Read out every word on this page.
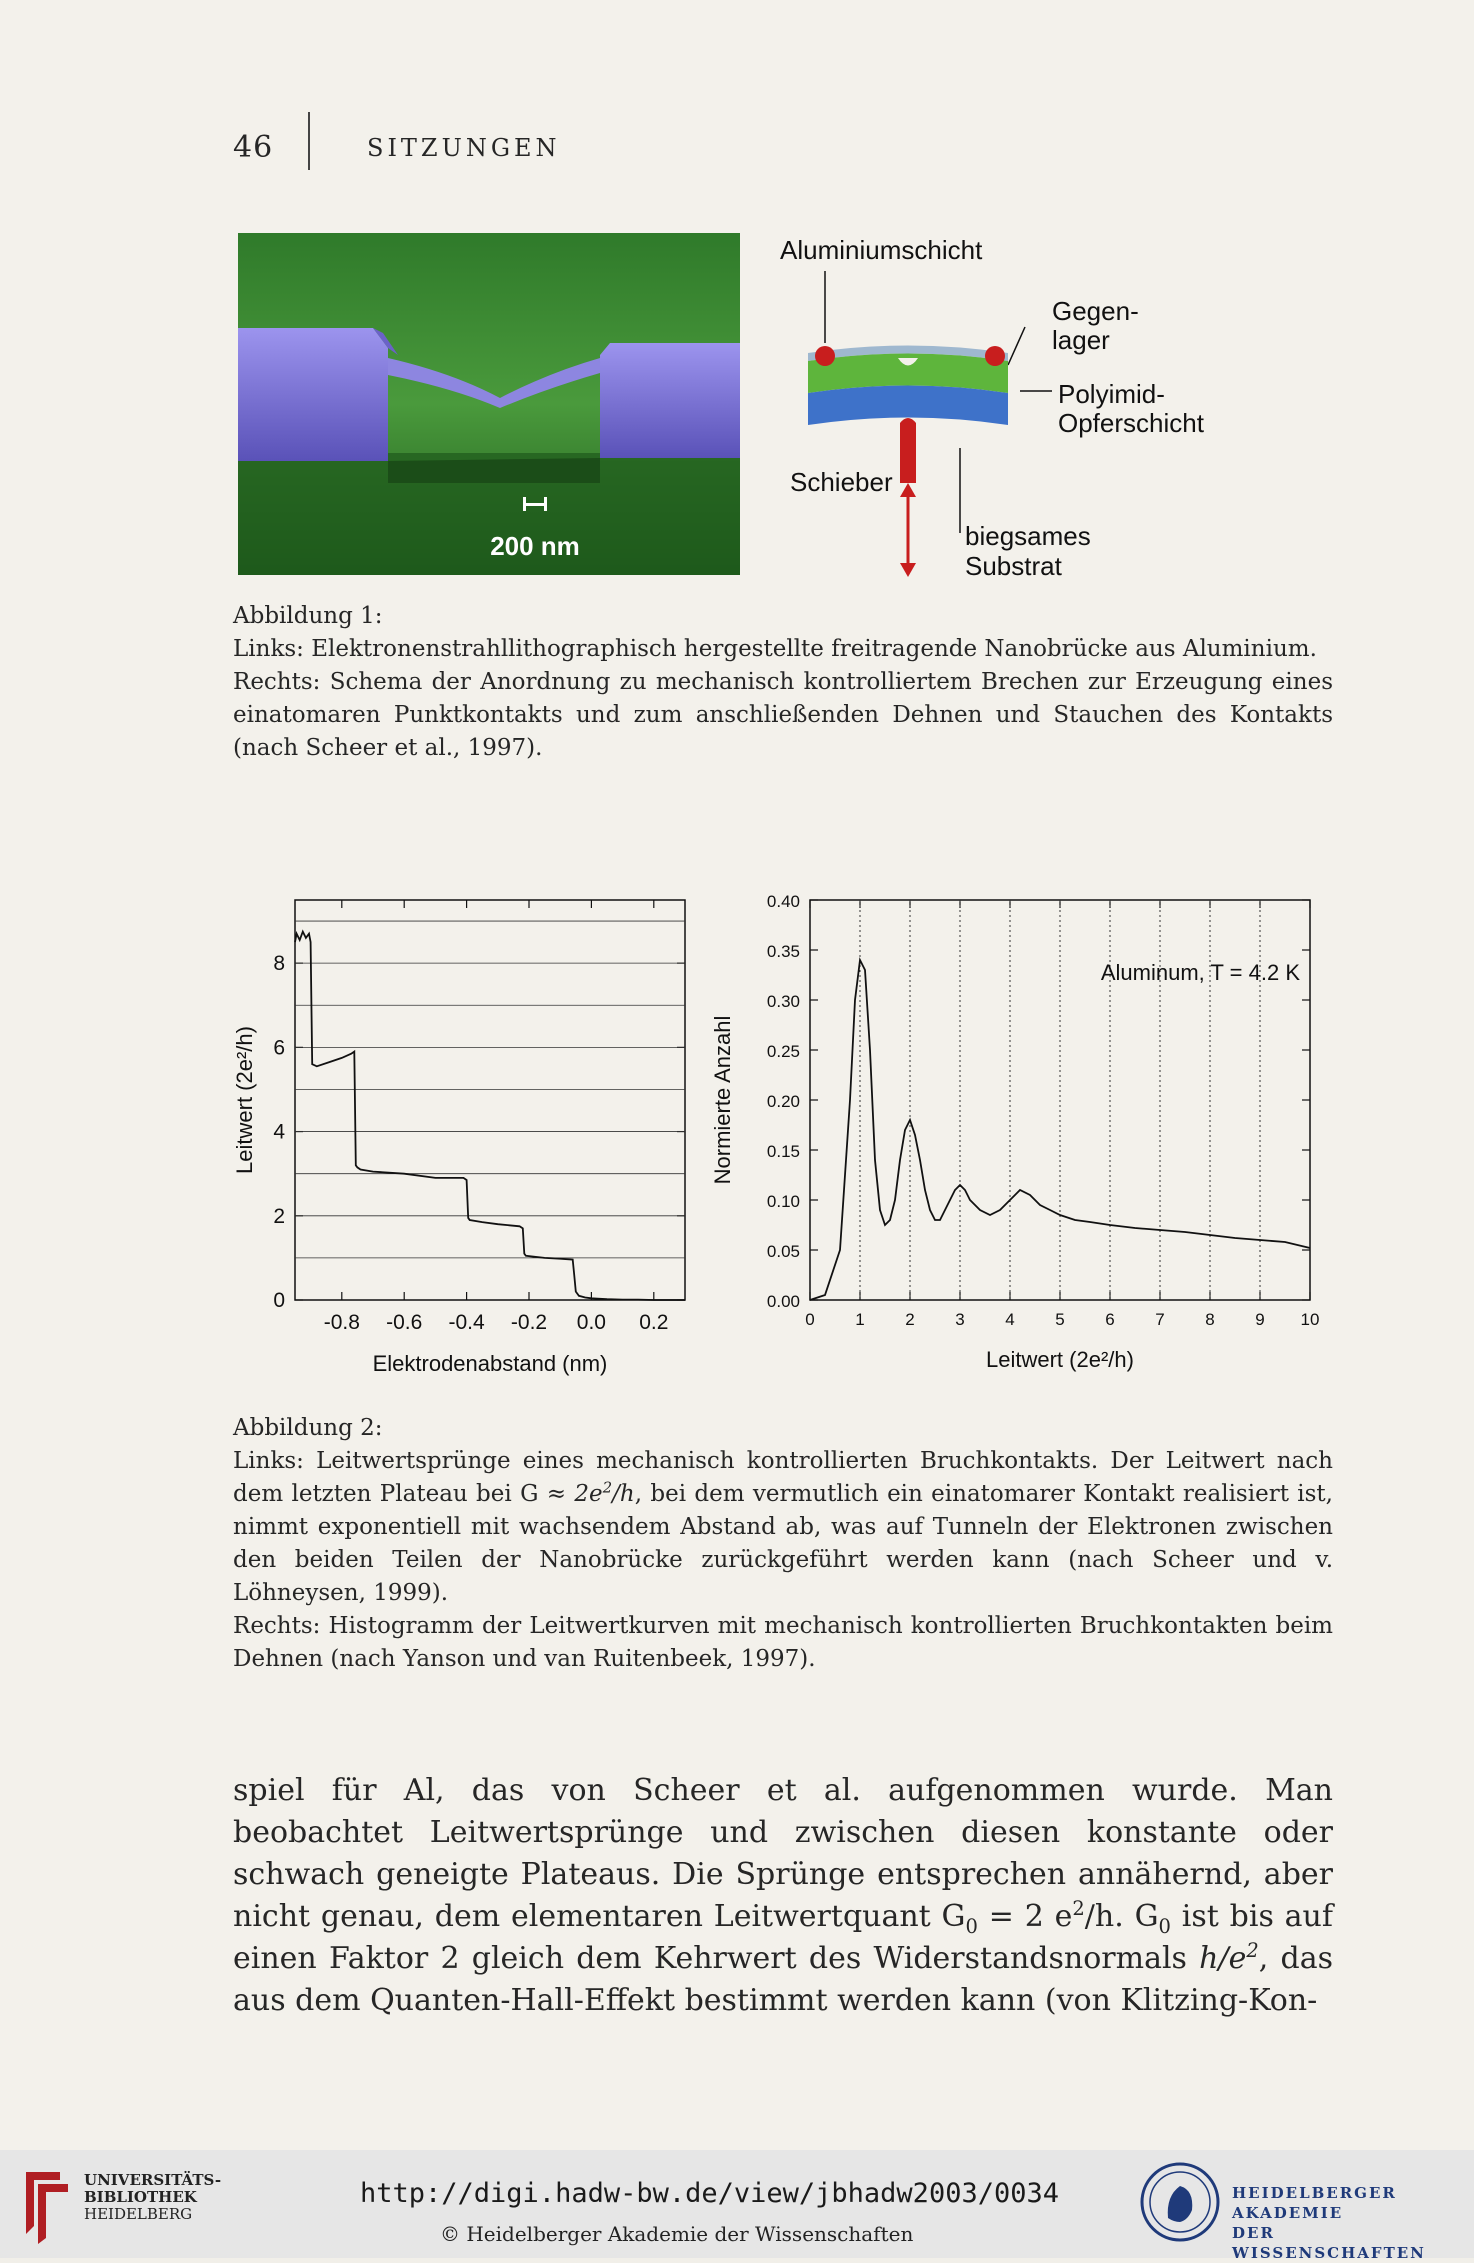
46	SITZUNGEN
200 nm
Aluminiumschicht
Gegen-
lager
Polyimid-
Opferschicht
Schieber
biegsames
Substrat

Abbildung 1:

Links: Elektronenstrahllithographisch hergestellte freitragende Nanobrücke aus Aluminium.

Rechts: Schema der Anordnung zu mechanisch kontrolliertem Brechen zur Erzeugung eines einatomaren Punktkontakts und zum anschließenden Dehnen und Stauchen des Kontakts (nach Scheer et al., 1997).

0
2
4
6
8
-0.8 -0.6 -0.4 -0.2 0.0 0.2
Elektrodenabstand (nm)
Leitwert (2e²/h)
0.00
0.05
0.10
0.15
0.20
0.25
0.30
0.35
0.40
0 1 2 3 4 5 6 7 8 9 10
Leitwert (2e²/h)
Normierte Anzahl
Aluminum, T = 4.2 K

Abbildung 2:

Links: Leitwertsprünge eines mechanisch kontrollierten Bruchkontakts. Der Leitwert nach dem letzten Plateau bei $G \approx 2e^2/h$, bei dem vermutlich ein einatomarer Kontakt realisiert ist, nimmt exponentiell mit wachsendem Abstand ab, was auf Tunneln der Elektronen zwischen den beiden Teilen der Nanobrücke zurückgeführt werden kann (nach Scheer und v. Löhneysen, 1999).

Rechts: Histogramm der Leitwertkurven mit mechanisch kontrollierten Bruchkontakten beim Dehnen (nach Yanson und van Ruitenbeek, 1997).

spiel für Al, das von Scheer et al. aufgenommen wurde. Man beobachtet Leitwertsprünge und zwischen diesen konstante oder schwach geneigte Plateaus. Die Sprünge entsprechen annähernd, aber nicht genau, dem elementaren Leitwertquant $G_0 = 2$ $e^2/h$. $G_0$ ist bis auf einen Faktor 2 gleich dem Kehrwert des Widerstandsnormals $h/e^2$, das aus dem Quanten-Hall-Effekt bestimmt werden kann (von Klitzing-Kon-

UNIVERSITÄTS-
BIBLIOTHEK
HEIDELBERG
http://digi.hadw-bw.de/view/jbhadw2003/0034
© Heidelberger Akademie der Wissenschaften
HEIDELBERGER AKADEMIE
DER WISSENSCHAFTEN
